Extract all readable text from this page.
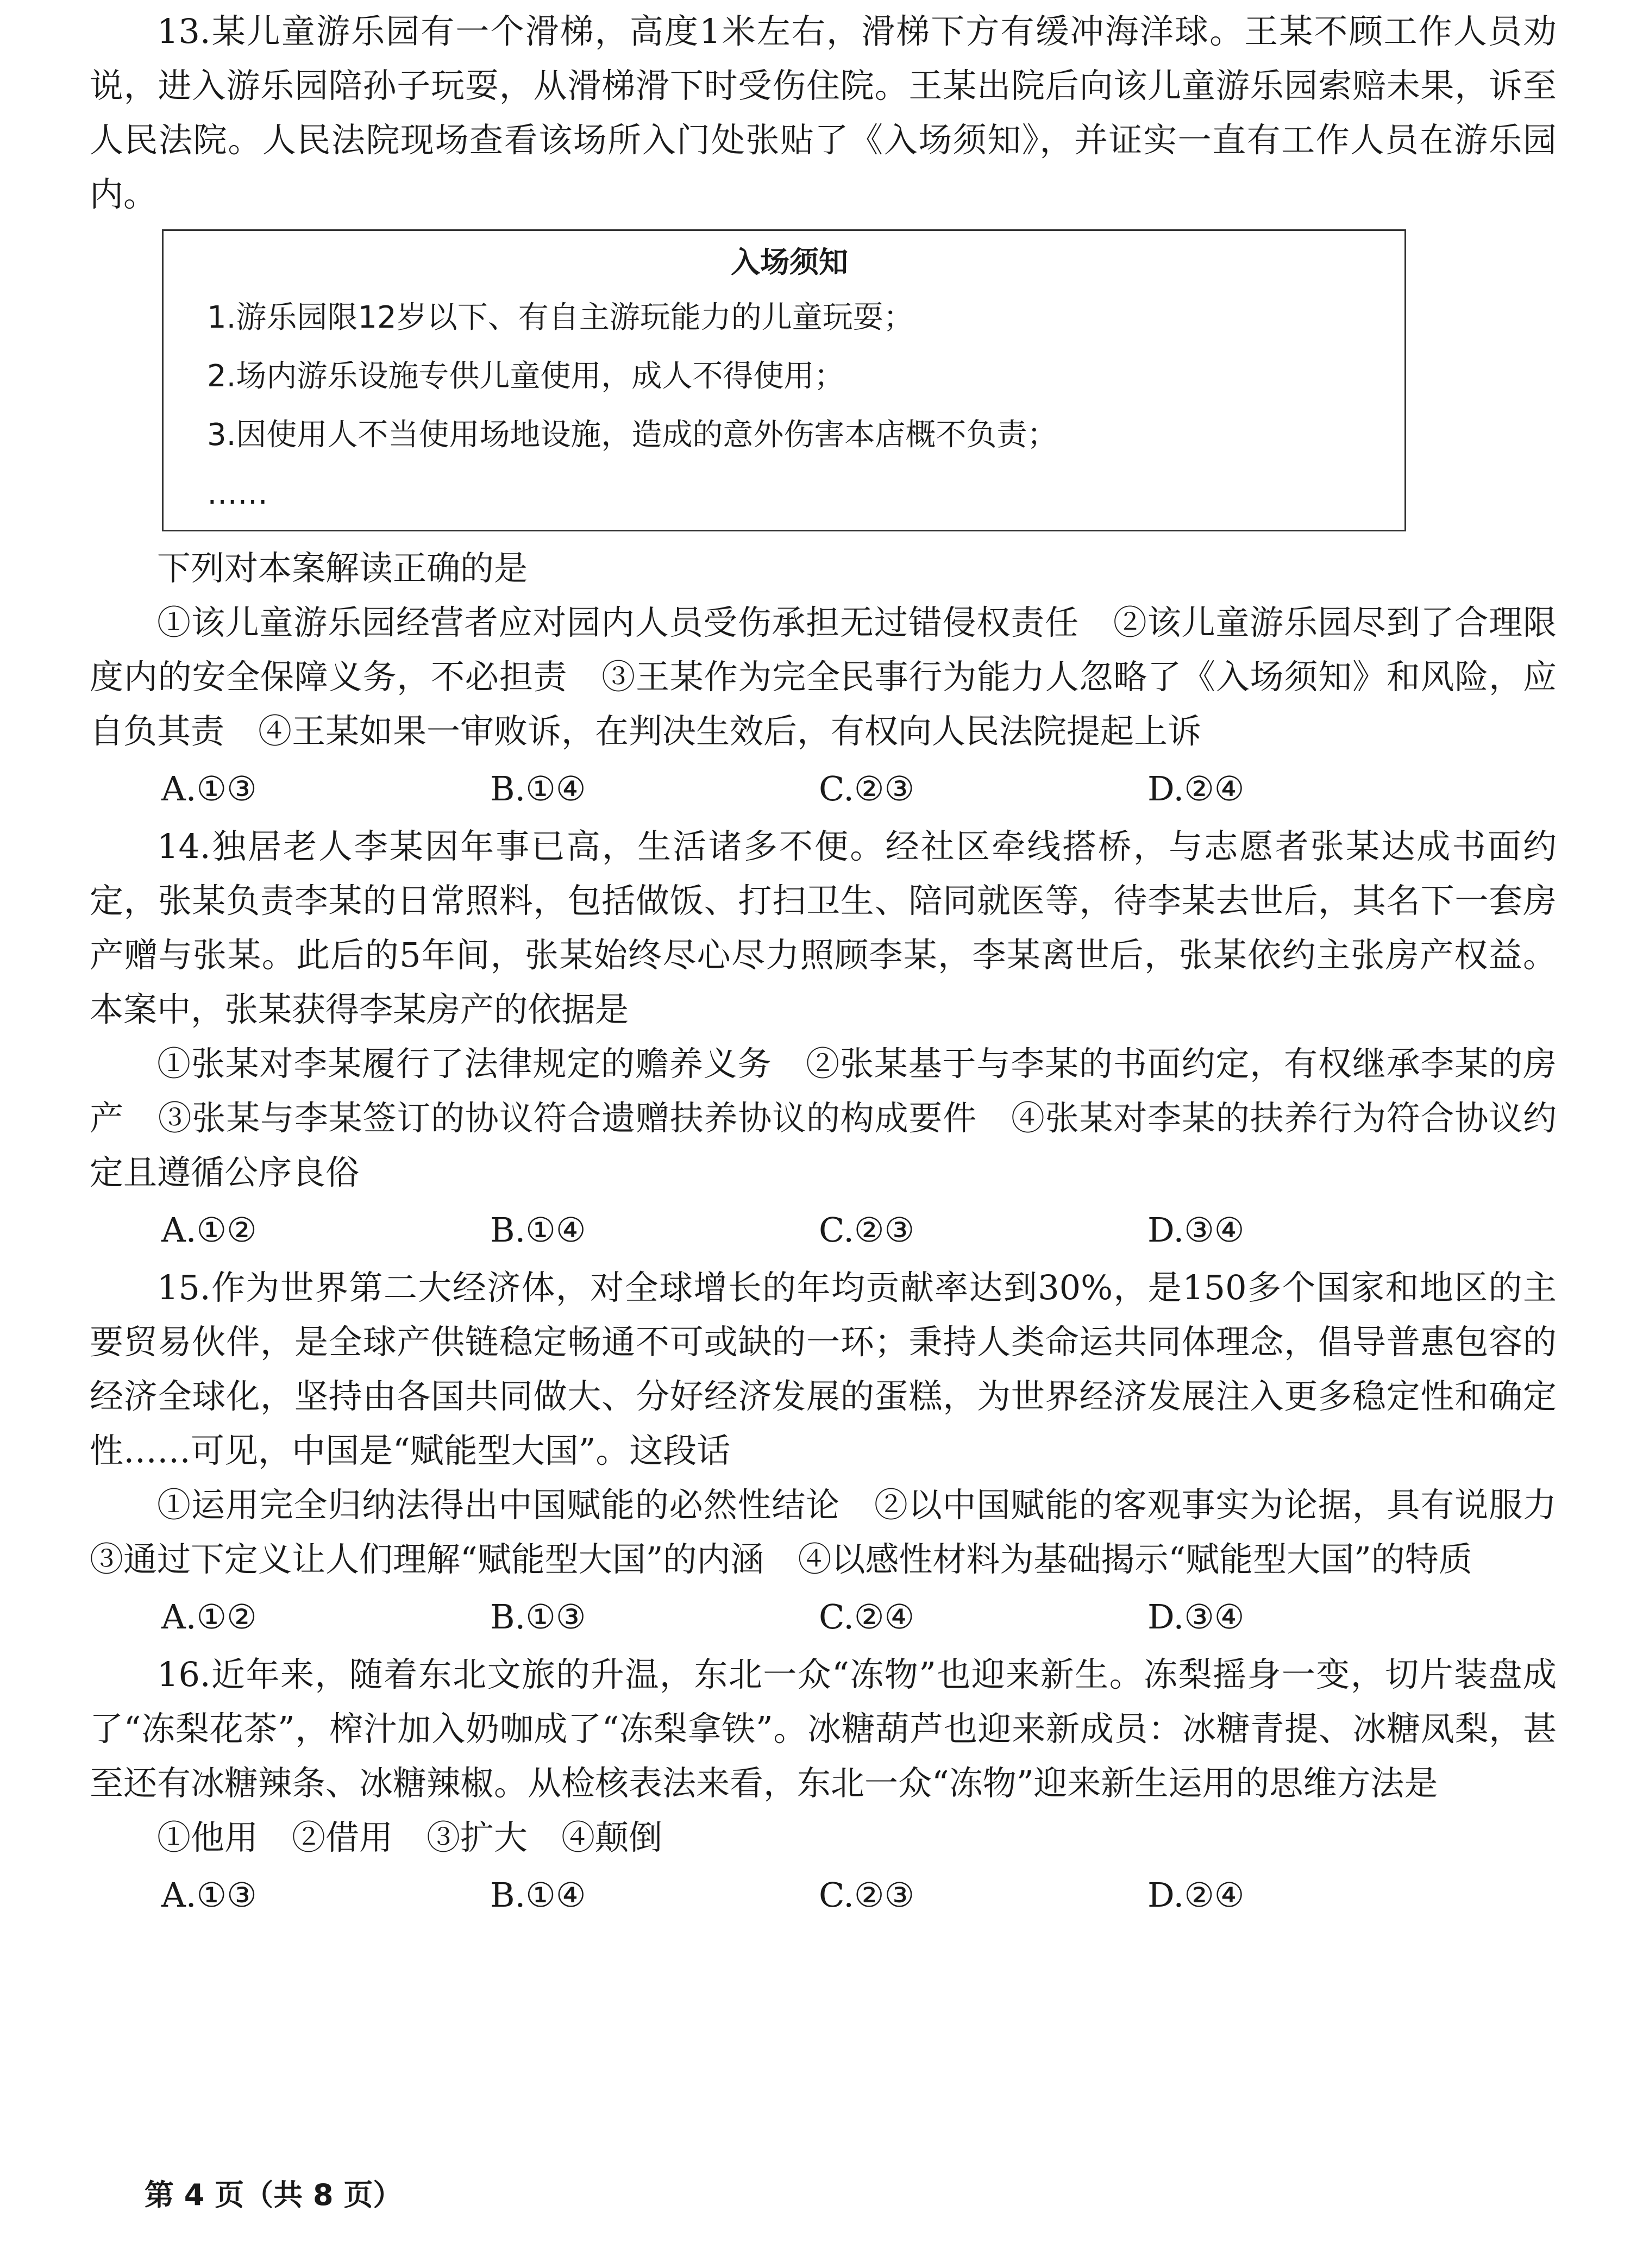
13.某儿童游乐园有一个滑梯，高度1米左右，滑梯下方有缓冲海洋球。王某不顾工作人员劝说，进入游乐园陪孙子玩耍，从滑梯滑下时受伤住院。王某出院后向该儿童游乐园索赔未果，诉至人民法院。人民法院现场查看该场所入门处张贴了《入场须知》，并证实一直有工作人员在游乐园内。

入场须知
1.游乐园限12岁以下、有自主游玩能力的儿童玩耍；
2.场内游乐设施专供儿童使用，成人不得使用；
3.因使用人不当使用场地设施，造成的意外伤害本店概不负责；
……

下列对本案解读正确的是

①该儿童游乐园经营者应对园内人员受伤承担无过错侵权责任　②该儿童游乐园尽到了合理限度内的安全保障义务，不必担责　③王某作为完全民事行为能力人忽略了《入场须知》和风险，应自负其责　④王某如果一审败诉，在判决生效后，有权向人民法院提起上诉

A.①③	B.①④	C.②③	D.②④

14.独居老人李某因年事已高，生活诸多不便。经社区牵线搭桥，与志愿者张某达成书面约定，张某负责李某的日常照料，包括做饭、打扫卫生、陪同就医等，待李某去世后，其名下一套房产赠与张某。此后的5年间，张某始终尽心尽力照顾李某，李某离世后，张某依约主张房产权益。本案中，张某获得李某房产的依据是

①张某对李某履行了法律规定的赡养义务　②张某基于与李某的书面约定，有权继承李某的房产　③张某与李某签订的协议符合遗赠扶养协议的构成要件　④张某对李某的扶养行为符合协议约定且遵循公序良俗

A.①②	B.①④	C.②③	D.③④

15.作为世界第二大经济体，对全球增长的年均贡献率达到30%，是150多个国家和地区的主要贸易伙伴，是全球产供链稳定畅通不可或缺的一环；秉持人类命运共同体理念，倡导普惠包容的经济全球化，坚持由各国共同做大、分好经济发展的蛋糕，为世界经济发展注入更多稳定性和确定性……可见，中国是“赋能型大国”。这段话

①运用完全归纳法得出中国赋能的必然性结论　②以中国赋能的客观事实为论据，具有说服力　③通过下定义让人们理解“赋能型大国”的内涵　④以感性材料为基础揭示“赋能型大国”的特质

A.①②	B.①③	C.②④	D.③④

16.近年来，随着东北文旅的升温，东北一众“冻物”也迎来新生。冻梨摇身一变，切片装盘成了“冻梨花茶”，榨汁加入奶咖成了“冻梨拿铁”。冰糖葫芦也迎来新成员：冰糖青提、冰糖凤梨，甚至还有冰糖辣条、冰糖辣椒。从检核表法来看，东北一众“冻物”迎来新生运用的思维方法是

①他用　②借用　③扩大　④颠倒

A.①③	B.①④	C.②③	D.②④
第 4 页（共 8 页）
